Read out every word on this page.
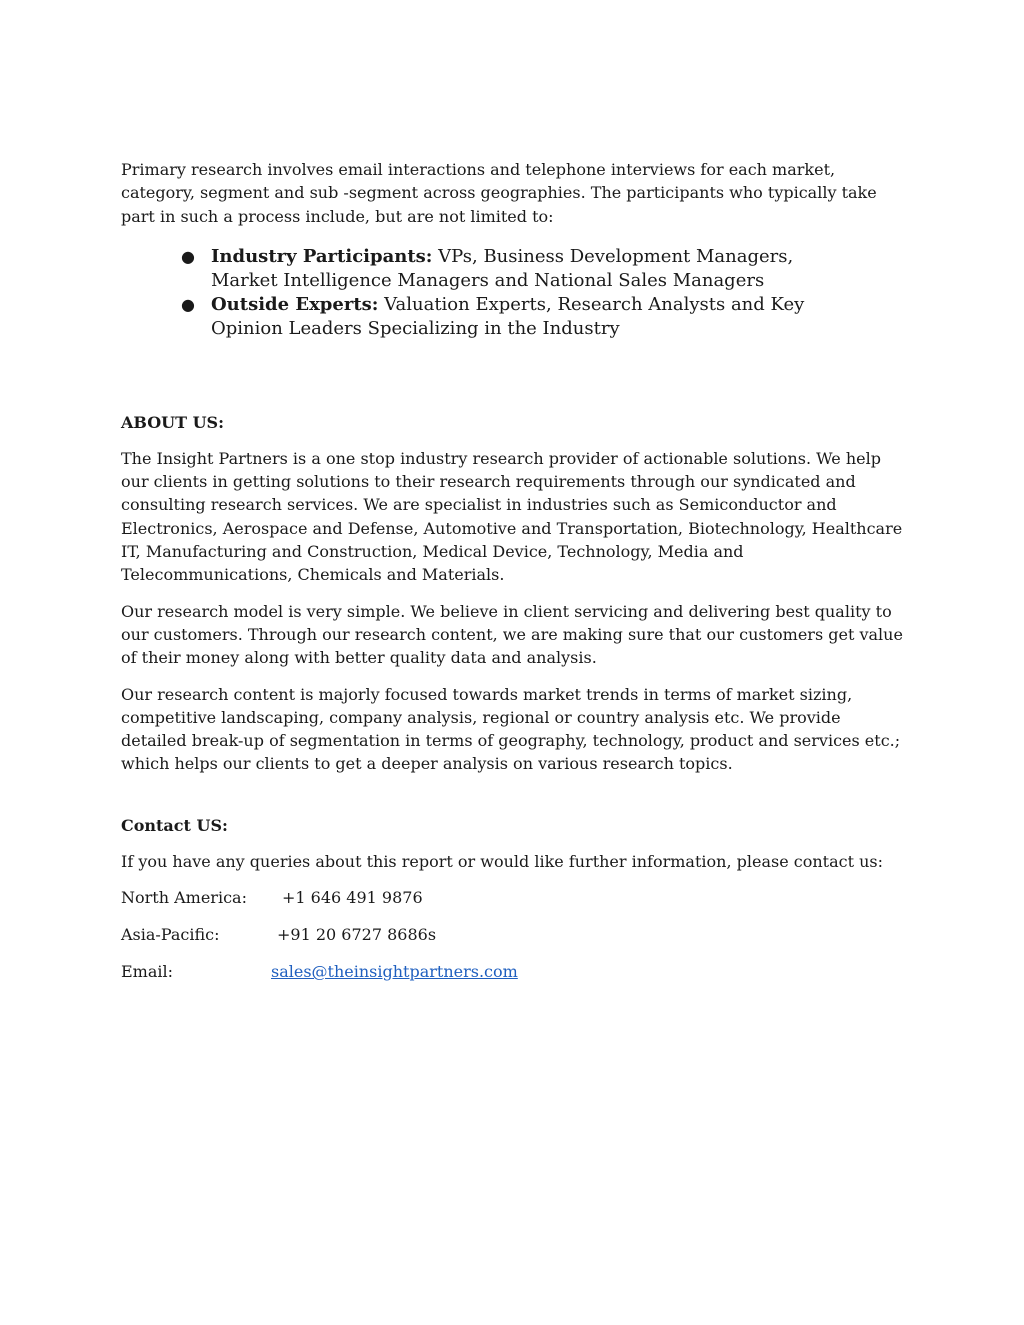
Primary research involves email interactions and telephone interviews for each market, category, segment and sub -segment across geographies. The participants who typically take part in such a process include, but are not limited to:

● Industry Participants: VPs, Business Development Managers, Market Intelligence Managers and National Sales Managers
● Outside Experts: Valuation Experts, Research Analysts and Key Opinion Leaders Specializing in the Industry
ABOUT US:

The Insight Partners is a one stop industry research provider of actionable solutions. We help our clients in getting solutions to their research requirements through our syndicated and consulting research services. We are specialist in industries such as Semiconductor and Electronics, Aerospace and Defense, Automotive and Transportation, Biotechnology, Healthcare IT, Manufacturing and Construction, Medical Device, Technology, Media and Telecommunications, Chemicals and Materials.

Our research model is very simple. We believe in client servicing and delivering best quality to our customers. Through our research content, we are making sure that our customers get value of their money along with better quality data and analysis.

Our research content is majorly focused towards market trends in terms of market sizing, competitive landscaping, company analysis, regional or country analysis etc. We provide detailed break-up of segmentation in terms of geography, technology, product and services etc.; which helps our clients to get a deeper analysis on various research topics.

Contact US:

If you have any queries about this report or would like further information, please contact us:

North America:	+1 646 491 9876
Asia-Pacific:	+91 20 6727 8686s
Email:	sales@theinsightpartners.com
